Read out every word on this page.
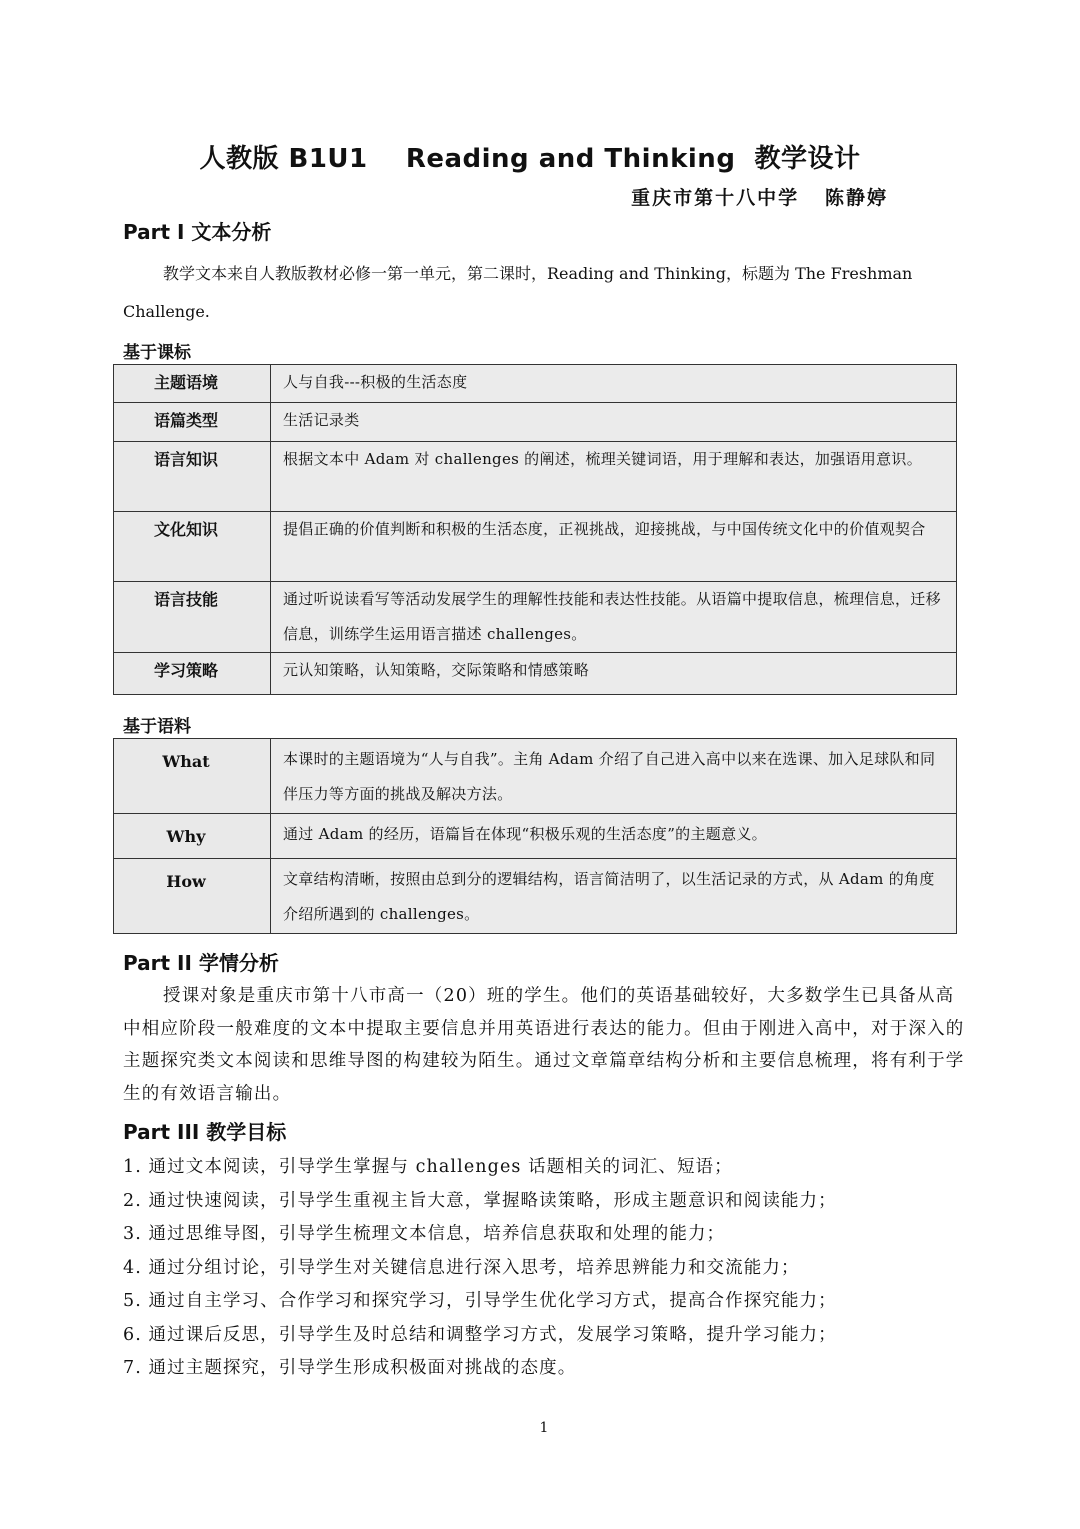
人教版 B1U1    Reading and Thinking  教学设计
重庆市第十八中学   陈静婷
Part I 文本分析
教学文本来自人教版教材必修一第一单元，第二课时，Reading and Thinking，标题为 The Freshman Challenge.
基于课标
主题语境	人与自我---积极的生活态度
语篇类型	生活记录类
语言知识	根据文本中 Adam 对 challenges 的阐述，梳理关键词语，用于理解和表达，加强语用意识。
文化知识	提倡正确的价值判断和积极的生活态度，正视挑战，迎接挑战，与中国传统文化中的价值观契合
语言技能	通过听说读看写等活动发展学生的理解性技能和表达性技能。从语篇中提取信息，梳理信息，迁移信息，训练学生运用语言描述 challenges。
学习策略	元认知策略，认知策略，交际策略和情感策略
基于语料
What	本课时的主题语境为“人与自我”。主角 Adam 介绍了自己进入高中以来在选课、加入足球队和同伴压力等方面的挑战及解决方法。
Why	通过 Adam 的经历，语篇旨在体现“积极乐观的生活态度”的主题意义。
How	文章结构清晰，按照由总到分的逻辑结构，语言简洁明了，以生活记录的方式，从 Adam 的角度介绍所遇到的 challenges。
Part II 学情分析
授课对象是重庆市第十八市高一（20）班的学生。他们的英语基础较好，大多数学生已具备从高中相应阶段一般难度的文本中提取主要信息并用英语进行表达的能力。但由于刚进入高中，对于深入的主题探究类文本阅读和思维导图的构建较为陌生。通过文章篇章结构分析和主要信息梳理，将有利于学生的有效语言输出。
Part III 教学目标
1. 通过文本阅读，引导学生掌握与 challenges 话题相关的词汇、短语；
2. 通过快速阅读，引导学生重视主旨大意，掌握略读策略，形成主题意识和阅读能力；
3. 通过思维导图，引导学生梳理文本信息，培养信息获取和处理的能力；
4. 通过分组讨论，引导学生对关键信息进行深入思考，培养思辨能力和交流能力；
5. 通过自主学习、合作学习和探究学习，引导学生优化学习方式，提高合作探究能力；
6. 通过课后反思，引导学生及时总结和调整学习方式，发展学习策略，提升学习能力；
7. 通过主题探究，引导学生形成积极面对挑战的态度。
1
